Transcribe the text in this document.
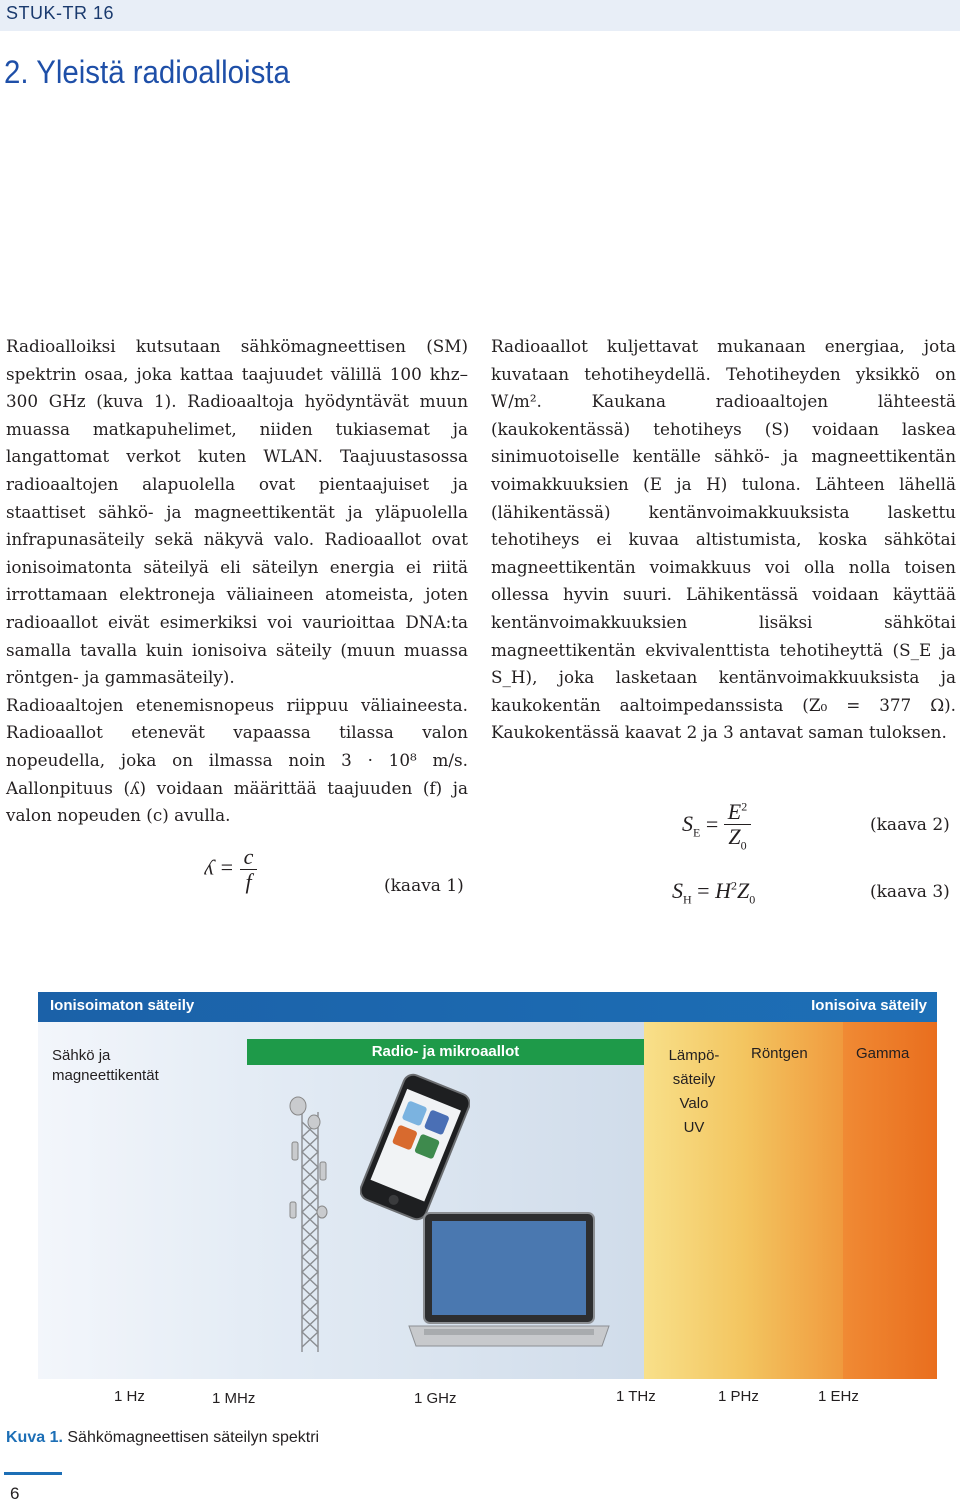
STUK-TR 16
2. Yleistä radioalloista

Radioalloiksi kutsutaan sähkömagneettisen (SM) spektrin osaa, joka kattaa taajuudet välillä 100 khz–300 GHz (kuva 1). Radioaaltoja hyödyntävät muun muassa matkapuhelimet, niiden tukiasemat ja langattomat verkot kuten WLAN. Taajuustasossa radioaaltojen alapuolella ovat pientaajuiset ja staattiset sähkö- ja magneettikentät ja yläpuolella infrapunasäteily sekä näkyvä valo. Radioaallot ovat ionisoimatonta säteilyä eli säteilyn energia ei riitä irrottamaan elektroneja väliaineen atomeista, joten radioaallot eivät esimerkiksi voi vaurioittaa DNA:ta samalla tavalla kuin ionisoiva säteily (muun muassa röntgen- ja gammasäteily).

Radioaaltojen etenemisnopeus riippuu väliaineesta. Radioaallot etenevät vapaassa tilassa valon nopeudella, joka on ilmassa noin 3 · 10⁸ m/s. Aallonpituus (ʎ) voidaan määrittää taajuuden (f) ja valon nopeuden (c) avulla.

ʎ = $\frac{c}{f}$	(kaava 1)

Radioaallot kuljettavat mukanaan energiaa, jota kuvataan tehotiheydellä. Tehotiheyden yksikkö on W/m². Kaukana radioaaltojen lähteestä (kaukokentässä) tehotiheys (S) voidaan laskea sinimuotoiselle kentälle sähkö- ja magneettikentän voimakkuuksien (E ja H) tulona. Lähteen lähellä (lähikentässä) kentänvoimakkuuksista laskettu tehotiheys ei kuvaa altistumista, koska sähkötai magneettikentän voimakkuus voi olla nolla toisen ollessa hyvin suuri. Lähikentässä voidaan käyttää kentänvoimakkuuksien lisäksi sähkötai magneettikentän ekvivalenttista tehotiheyttä (S_E ja S_H), joka lasketaan kentänvoimakkuuksista ja kaukokentän aaltoimpedanssista (Z₀ = 377 Ω). Kaukokentässä kaavat 2 ja 3 antavat saman tuloksen.

$S_E = \frac{E^2}{Z_0}$	(kaava 2)
$S_H = H^2Z_0$	(kaava 3)
Ionisoimaton säteily	Ionisoiva säteily
Sähkö ja magneettikentät
Radio- ja mikroaallot	Lämpö-
säteily
Valo
UV
Röntgen	Gamma
1 Hz	1 MHz	1 GHz	1 THz	1 PHz	1 EHz
Kuva 1. Sähkömagneettisen säteilyn spektri
6
